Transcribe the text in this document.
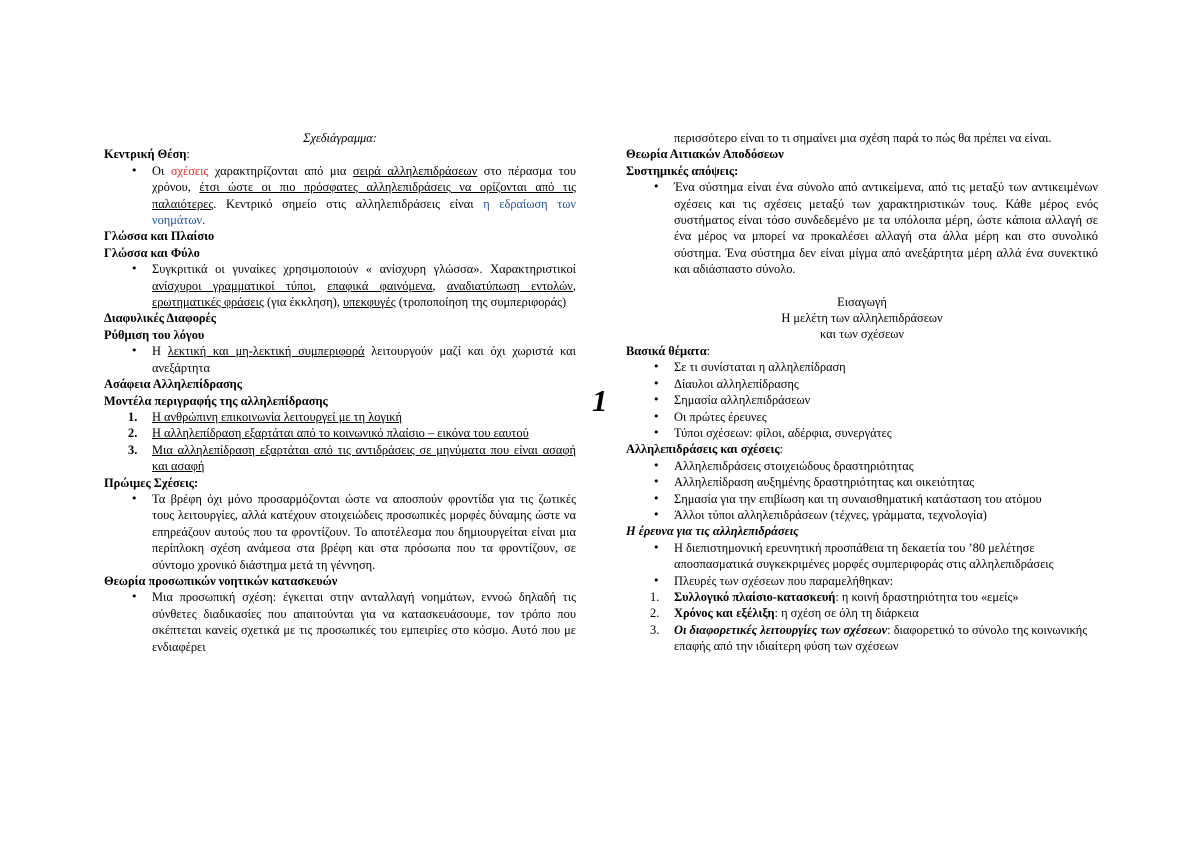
1

Σχεδιάγραμμα:

Κεντρική Θέση:

• Οι σχέσεις χαρακτηρίζονται από μια σειρά αλληλεπιδράσεων στο πέρασμα του χρόνου, έτσι ώστε οι πιο πρόσφατες αλληλεπιδράσεις να ορίζονται από τις παλαιότερες. Κεντρικό σημείο στις αλληλεπιδράσεις είναι η εδραίωση των νοημάτων.

Γλώσσα και Πλαίσιο

Γλώσσα και Φύλο

• Συγκριτικά οι γυναίκες χρησιμοποιούν « ανίσχυρη γλώσσα». Χαρακτηριστικοί ανίσχυροι γραμματικοί τύποι, επαφικά φαινόμενα, αναδιατύπωση εντολών, ερωτηματικές φράσεις (για έκκληση), υπεκφυγές (τροποποίηση της συμπεριφοράς)

Διαφυλικές Διαφορές

Ρύθμιση του λόγου

• Η λεκτική και μη-λεκτική συμπεριφορά λειτουργούν μαζί και όχι χωριστά και ανεξάρτητα

Ασάφεια Αλληλεπίδρασης

Μοντέλα περιγραφής της αλληλεπίδρασης

1. Η ανθρώπινη επικοινωνία λειτουργεί με τη λογική
2. Η αλληλεπίδραση εξαρτάται από το κοινωνικό πλαίσιο – εικόνα του εαυτού
3. Μια αλληλεπίδραση εξαρτάται από τις αντιδράσεις σε μηνύματα που είναι ασαφή και ασαφή

Πρώιμες Σχέσεις:

• Τα βρέφη όχι μόνο προσαρμόζονται ώστε να αποσπούν φροντίδα για τις ζωτικές τους λειτουργίες, αλλά κατέχουν στοιχειώδεις προσωπικές μορφές δύναμης ώστε να επηρεάζουν αυτούς που τα φροντίζουν. Το αποτέλεσμα που δημιουργείται είναι μια περίπλοκη σχέση ανάμεσα στα βρέφη και στα πρόσωπα που τα φροντίζουν, σε σύντομο χρονικό διάστημα μετά τη γέννηση.

Θεωρία προσωπικών νοητικών κατασκευών

• Μια προσωπική σχέση: έγκειται στην ανταλλαγή νοημάτων, εννοώ δηλαδή τις σύνθετες διαδικασίες που απαιτούνται για να κατασκευάσουμε, τον τρόπο που σκέπτεται κανείς σχετικά με τις προσωπικές του εμπειρίες στο κόσμο. Αυτό που με ενδιαφέρει

περισσότερο είναι το τι σημαίνει μια σχέση παρά το πώς θα πρέπει να είναι.

Θεωρία Αιτιακών Αποδόσεων

Συστημικές απόψεις:

• Ένα σύστημα είναι ένα σύνολο από αντικείμενα, από τις μεταξύ των αντικειμένων σχέσεις και τις σχέσεις μεταξύ των χαρακτηριστικών τους. Κάθε μέρος ενός συστήματος είναι τόσο συνδεδεμένο με τα υπόλοιπα μέρη, ώστε κάποια αλλαγή σε ένα μέρος να μπορεί να προκαλέσει αλλαγή στα άλλα μέρη και στο συνολικό σύστημα. Ένα σύστημα δεν είναι μίγμα από ανεξάρτητα μέρη αλλά ένα συνεκτικό και αδιάσπαστο σύνολο.

Εισαγωγή

Η μελέτη των αλληλεπιδράσεων

και των σχέσεων

Βασικά θέματα:

• Σε τι συνίσταται η αλληλεπίδραση
• Δίαυλοι αλληλεπίδρασης
• Σημασία αλληλεπιδράσεων
• Οι πρώτες έρευνες
• Τύποι σχέσεων: φίλοι, αδέρφια, συνεργάτες

Αλληλεπιδράσεις και σχέσεις:

• Αλληλεπιδράσεις στοιχειώδους δραστηριότητας
• Αλληλεπίδραση αυξημένης δραστηριότητας και οικειότητας
• Σημασία για την επιβίωση και τη συναισθηματική κατάσταση του ατόμου
• Άλλοι τύποι αλληλεπιδράσεων (τέχνες, γράμματα, τεχνολογία)

Η έρευνα για τις αλληλεπιδράσεις

• Η διεπιστημονική ερευνητική προσπάθεια τη δεκαετία του ’80 μελέτησε αποσπασματικά συγκεκριμένες μορφές συμπεριφοράς στις αλληλεπιδράσεις
• Πλευρές των σχέσεων που παραμελήθηκαν:
1. Συλλογικό πλαίσιο-κατασκευή: η κοινή δραστηριότητα του «εμείς»
2. Χρόνος και εξέλιξη: η σχέση σε όλη τη διάρκεια
3. Οι διαφορετικές λειτουργίες των σχέσεων: διαφορετικό το σύνολο της κοινωνικής επαφής από την ιδιαίτερη φύση των σχέσεων
